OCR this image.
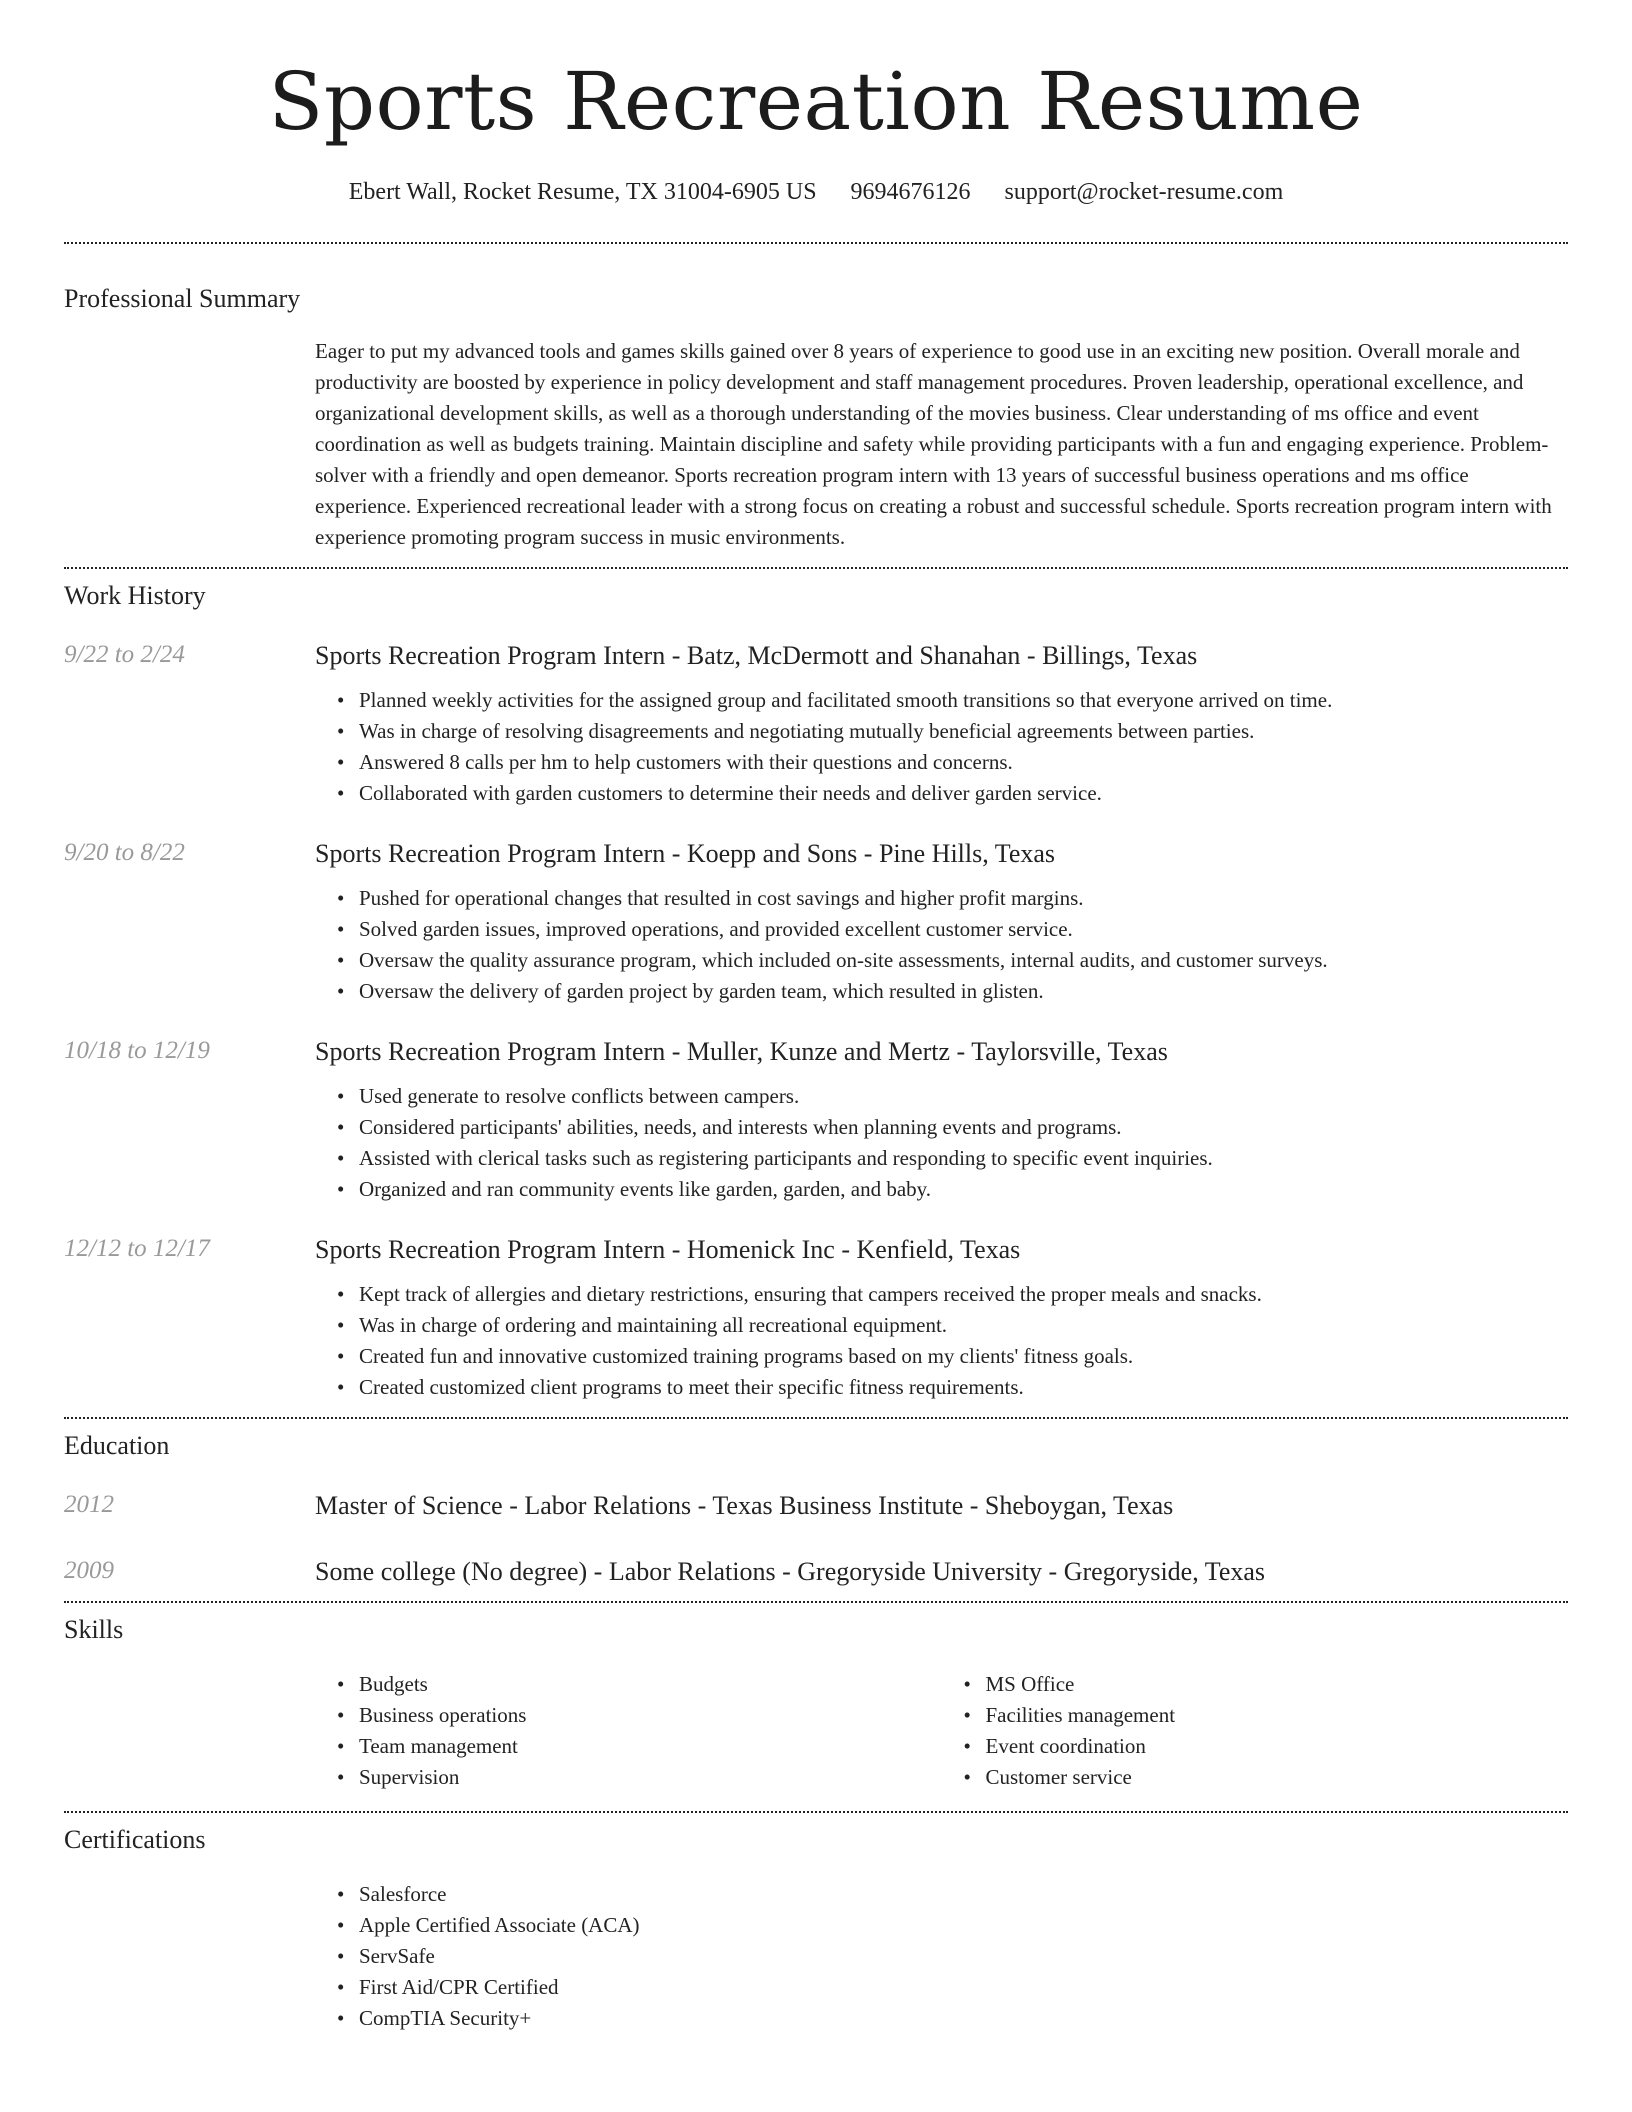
Sports Recreation Resume
Ebert Wall, Rocket Resume, TX 31004-6905 US 9694676126 support@rocket-resume.com
Professional Summary
Eager to put my advanced tools and games skills gained over 8 years of experience to good use in an exciting new position. Overall morale and productivity are boosted by experience in policy development and staff management procedures. Proven leadership, operational excellence, and organizational development skills, as well as a thorough understanding of the movies business. Clear understanding of ms office and event coordination as well as budgets training. Maintain discipline and safety while providing participants with a fun and engaging experience. Problem-solver with a friendly and open demeanor. Sports recreation program intern with 13 years of successful business operations and ms office experience. Experienced recreational leader with a strong focus on creating a robust and successful schedule. Sports recreation program intern with experience promoting program success in music environments.
Work History
9/22 to 2/24	Sports Recreation Program Intern - Batz, McDermott and Shanahan - Billings, Texas
• Planned weekly activities for the assigned group and facilitated smooth transitions so that everyone arrived on time.
• Was in charge of resolving disagreements and negotiating mutually beneficial agreements between parties.
• Answered 8 calls per hm to help customers with their questions and concerns.
• Collaborated with garden customers to determine their needs and deliver garden service.
9/20 to 8/22	Sports Recreation Program Intern - Koepp and Sons - Pine Hills, Texas
• Pushed for operational changes that resulted in cost savings and higher profit margins.
• Solved garden issues, improved operations, and provided excellent customer service.
• Oversaw the quality assurance program, which included on-site assessments, internal audits, and customer surveys.
• Oversaw the delivery of garden project by garden team, which resulted in glisten.
10/18 to 12/19	Sports Recreation Program Intern - Muller, Kunze and Mertz - Taylorsville, Texas
• Used generate to resolve conflicts between campers.
• Considered participants' abilities, needs, and interests when planning events and programs.
• Assisted with clerical tasks such as registering participants and responding to specific event inquiries.
• Organized and ran community events like garden, garden, and baby.
12/12 to 12/17	Sports Recreation Program Intern - Homenick Inc - Kenfield, Texas
• Kept track of allergies and dietary restrictions, ensuring that campers received the proper meals and snacks.
• Was in charge of ordering and maintaining all recreational equipment.
• Created fun and innovative customized training programs based on my clients' fitness goals.
• Created customized client programs to meet their specific fitness requirements.
Education
2012	Master of Science - Labor Relations - Texas Business Institute - Sheboygan, Texas
2009	Some college (No degree) - Labor Relations - Gregoryside University - Gregoryside, Texas
Skills
• Budgets
• Business operations
• Team management
• Supervision
• MS Office
• Facilities management
• Event coordination
• Customer service
Certifications
• Salesforce
• Apple Certified Associate (ACA)
• ServSafe
• First Aid/CPR Certified
• CompTIA Security+
